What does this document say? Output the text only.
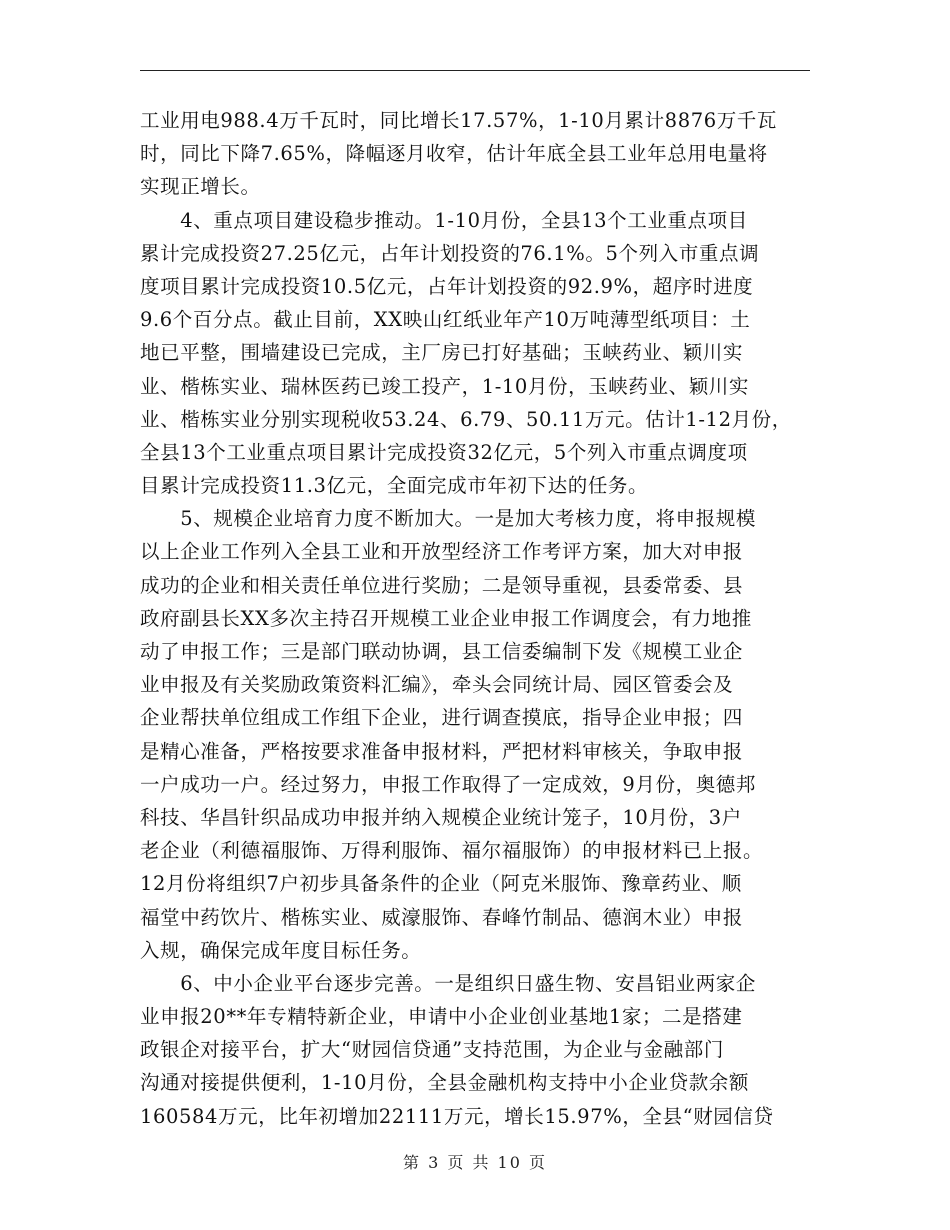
工业用电988.4万千瓦时，同比增长17.57%，1-10月累计8876万千瓦
时，同比下降7.65%，降幅逐月收窄，估计年底全县工业年总用电量将
实现正增长。
　　4、重点项目建设稳步推动。1-10月份，全县13个工业重点项目
累计完成投资27.25亿元，占年计划投资的76.1%。5个列入市重点调
度项目累计完成投资10.5亿元，占年计划投资的92.9%，超序时进度
9.6个百分点。截止目前，XX映山红纸业年产10万吨薄型纸项目：土
地已平整，围墙建设已完成，主厂房已打好基础；玉峡药业、颖川实
业、楷栋实业、瑞林医药已竣工投产，1-10月份，玉峡药业、颖川实
业、楷栋实业分别实现税收53.24、6.79、50.11万元。估计1-12月份，
全县13个工业重点项目累计完成投资32亿元，5个列入市重点调度项
目累计完成投资11.3亿元，全面完成市年初下达的任务。
　　5、规模企业培育力度不断加大。一是加大考核力度，将申报规模
以上企业工作列入全县工业和开放型经济工作考评方案，加大对申报
成功的企业和相关责任单位进行奖励；二是领导重视，县委常委、县
政府副县长XX多次主持召开规模工业企业申报工作调度会，有力地推
动了申报工作；三是部门联动协调，县工信委编制下发《规模工业企
业申报及有关奖励政策资料汇编》，牵头会同统计局、园区管委会及
企业帮扶单位组成工作组下企业，进行调查摸底，指导企业申报；四
是精心准备，严格按要求准备申报材料，严把材料审核关，争取申报
一户成功一户。经过努力，申报工作取得了一定成效，9月份，奥德邦
科技、华昌针织品成功申报并纳入规模企业统计笼子，10月份，3户
老企业（利德福服饰、万得利服饰、福尔福服饰）的申报材料已上报。
12月份将组织7户初步具备条件的企业（阿克米服饰、豫章药业、顺
福堂中药饮片、楷栋实业、威濠服饰、春峰竹制品、德润木业）申报
入规，确保完成年度目标任务。
　　6、中小企业平台逐步完善。一是组织日盛生物、安昌铝业两家企
业申报20**年专精特新企业，申请中小企业创业基地1家；二是搭建
政银企对接平台，扩大“财园信贷通”支持范围，为企业与金融部门
沟通对接提供便利，1-10月份，全县金融机构支持中小企业贷款余额
160584万元，比年初增加22111万元，增长15.97%，全县“财园信贷
第 3 页 共 10 页
